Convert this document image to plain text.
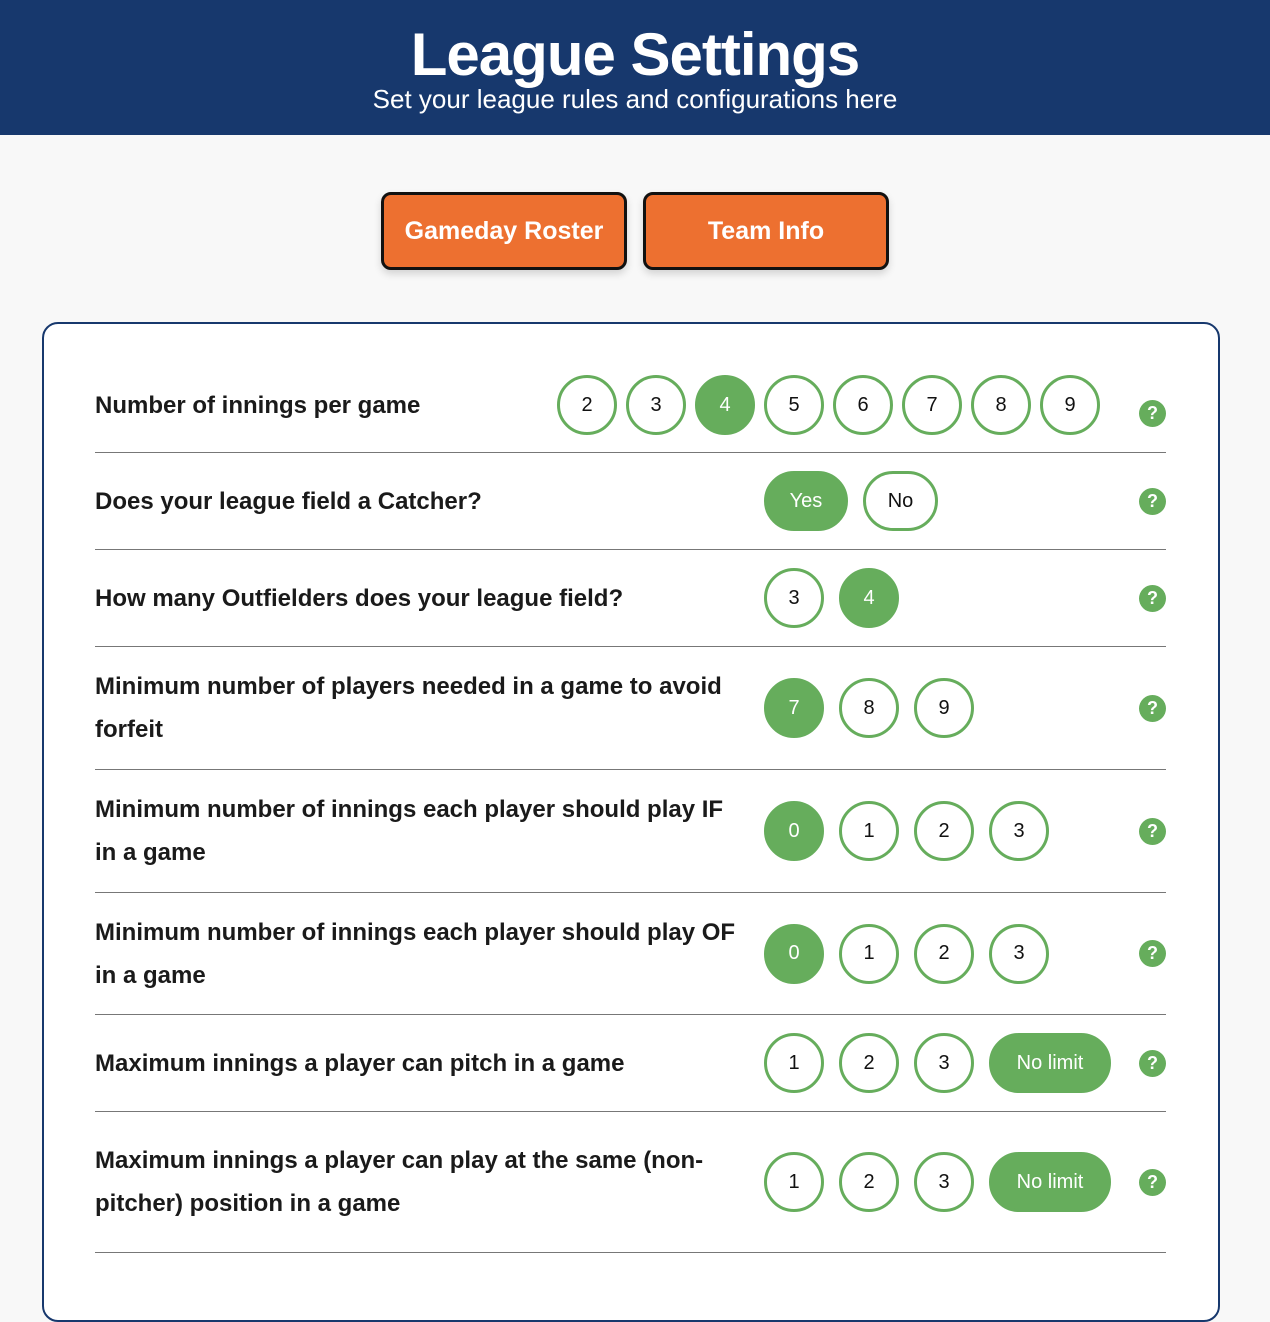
League Settings

Set your league rules and configurations here

Gameday Roster	Team Info
Number of innings per game	2	3	4	5	6	7	8	9	?
Does your league field a Catcher?	Yes	No	?
How many Outfielders does your league field?	3	4	?
Minimum number of players needed in a game to avoid forfeit
7	8	9	?
Minimum number of innings each player should play IF in a game
0	1	2	3	?
Minimum number of innings each player should play OF in a game
0	1	2	3	?
Maximum innings a player can pitch in a game	1	2	3	No limit	?
Maximum innings a player can play at the same (non-pitcher) position in a game
1	2	3	No limit	?
